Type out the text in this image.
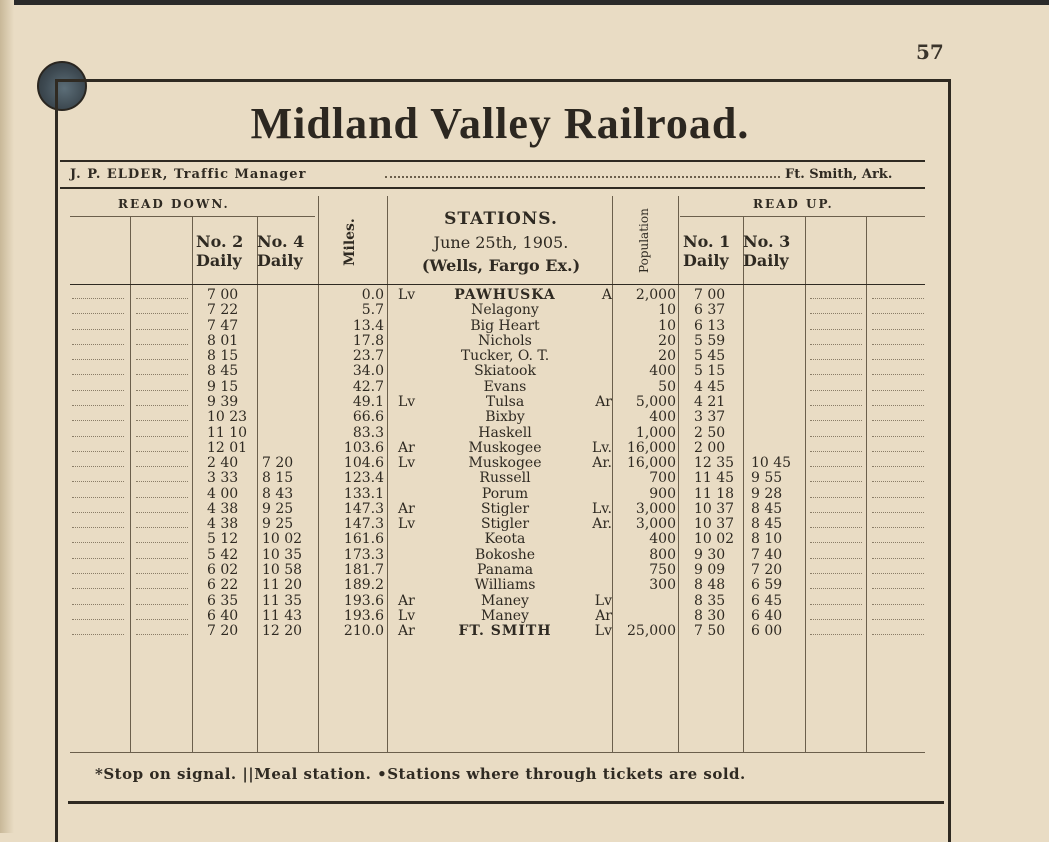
57
Midland Valley Railroad.
J. P. ELDER, Traffic Manager	Ft. Smith, Ark.
READ DOWN.	READ UP.
No. 2
Daily
No. 4
Daily
No. 1
Daily
No. 3
Daily
Miles.	STATIONS.
June 25th, 1905.
(Wells, Fargo Ex.)	Population
7 00	0.0 Lv	PAWHUSKA	A	2,000 7 00
7 22	5.7	Nelagony	10 6 37
7 47	13.4	Big Heart	10 6 13
8 01	17.8	Nichols	20 5 59
8 15	23.7	Tucker, O. T.	20 5 45
8 45	34.0	Skiatook	400 5 15
9 15	42.7	Evans	50 4 45
9 39	49.1 Lv	Tulsa	Ar	5,000 4 21
10 23	66.6	Bixby	400 3 37
11 10	83.3	Haskell	1,000 2 50
12 01	103.6 Ar	Muskogee	Lv.	16,000 2 00
2 40	7 20	104.6 Lv	Muskogee	Ar.	16,000 12 35	10 45
3 33	8 15	123.4	Russell	700 11 45	9 55
4 00	8 43	133.1	Porum	900 11 18	9 28
4 38	9 25	147.3 Ar	Stigler	Lv.	3,000 10 37	8 45
4 38	9 25	147.3 Lv	Stigler	Ar.	3,000 10 37	8 45
5 12	10 02	161.6	Keota	400 10 02	8 10
5 42	10 35	173.3	Bokoshe	800 9 30	7 40
6 02	10 58	181.7	Panama	750 9 09	7 20
6 22	11 20	189.2	Williams	300 8 48	6 59
6 35	11 35	193.6 Ar	Maney	Lv	8 35	6 45
6 40	11 43	193.6 Lv	Maney	Ar	8 30	6 40
7 20	12 20	210.0 Ar	FT. SMITH	Lv	25,000 7 50	6 00
*Stop on signal. ||Meal station. •Stations where through tickets are sold.
